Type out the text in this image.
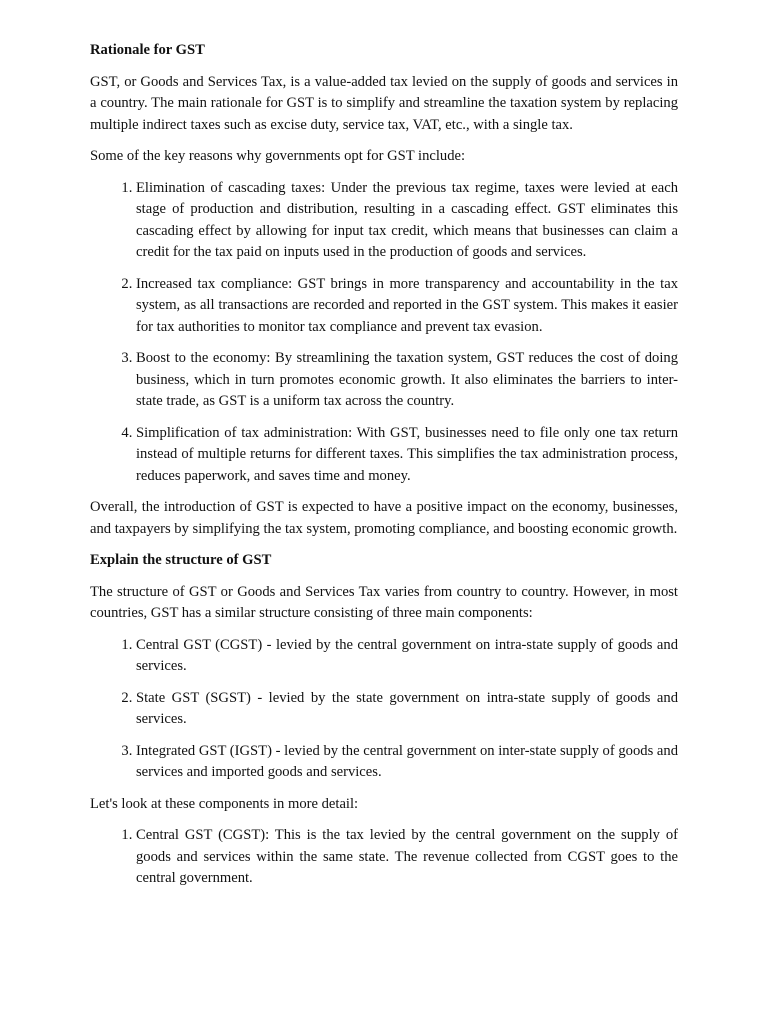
Rationale for GST

GST, or Goods and Services Tax, is a value-added tax levied on the supply of goods and services in a country. The main rationale for GST is to simplify and streamline the taxation system by replacing multiple indirect taxes such as excise duty, service tax, VAT, etc., with a single tax.

Some of the key reasons why governments opt for GST include:

1. Elimination of cascading taxes: Under the previous tax regime, taxes were levied at each stage of production and distribution, resulting in a cascading effect. GST eliminates this cascading effect by allowing for input tax credit, which means that businesses can claim a credit for the tax paid on inputs used in the production of goods and services.
2. Increased tax compliance: GST brings in more transparency and accountability in the tax system, as all transactions are recorded and reported in the GST system. This makes it easier for tax authorities to monitor tax compliance and prevent tax evasion.
3. Boost to the economy: By streamlining the taxation system, GST reduces the cost of doing business, which in turn promotes economic growth. It also eliminates the barriers to inter-state trade, as GST is a uniform tax across the country.
4. Simplification of tax administration: With GST, businesses need to file only one tax return instead of multiple returns for different taxes. This simplifies the tax administration process, reduces paperwork, and saves time and money.

Overall, the introduction of GST is expected to have a positive impact on the economy, businesses, and taxpayers by simplifying the tax system, promoting compliance, and boosting economic growth.

Explain the structure of GST

The structure of GST or Goods and Services Tax varies from country to country. However, in most countries, GST has a similar structure consisting of three main components:

1. Central GST (CGST) - levied by the central government on intra-state supply of goods and services.
2. State GST (SGST) - levied by the state government on intra-state supply of goods and services.
3. Integrated GST (IGST) - levied by the central government on inter-state supply of goods and services and imported goods and services.

Let's look at these components in more detail:

1. Central GST (CGST): This is the tax levied by the central government on the supply of goods and services within the same state. The revenue collected from CGST goes to the central government.
